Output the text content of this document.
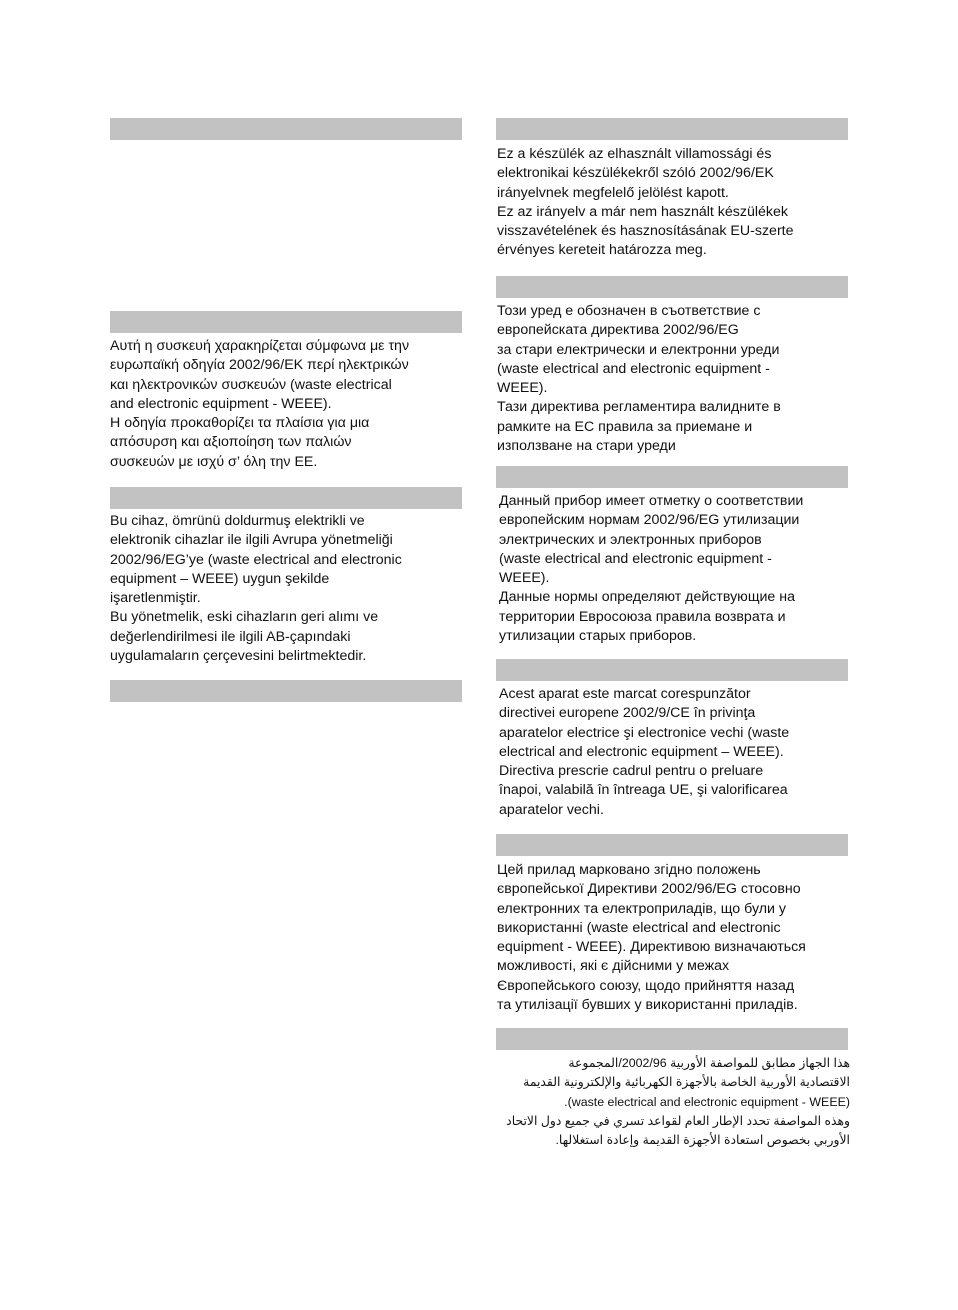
Αυτή η συσκευή χαρακηρίζεται σύμφωνα με την
ευρωπαϊκή οδηγία 2002/96/ΕΚ περί ηλεκτρικών
και ηλεκτρονικών συσκευών (waste electrical
and electronic equipment - WEEE).
Η οδηγία προκαθορίζει τα πλαίσια για μια
απόσυρση και αξιοποίηση των παλιών
συσκευών με ισχύ σ’ όλη την ΕΕ.
Bu cihaz, ömrünü doldurmuş elektrikli ve
elektronik cihazlar ile ilgili Avrupa yönetmeliği
2002/96/EG’ye (waste electrical and electronic
equipment – WEEE) uygun şekilde
işaretlenmiştir.
Bu yönetmelik, eski cihazların geri alımı ve
değerlendirilmesi ile ilgili AB-çapındaki
uygulamaların çerçevesini belirtmektedir.
Ez a készülék az elhasznált villamossági és
elektronikai készülékekről szóló 2002/96/EK
irányelvnek megfelelő jelölést kapott.
Ez az irányelv a már nem használt készülékek
visszavételének és hasznosításának EU-szerte
érvényes kereteit határozza meg.
Този уред е обозначен в съответствие с
европейската директива 2002/96/EG
за стари електрически и електронни уреди
(waste electrical and electronic equipment -
WEEE).
Тази директива регламентира валидните в
рамките на ЕС правила за приемане и
използване на стари уреди
Данный прибор имеет отметку о соответствии
европейским нормам 2002/96/EG утилизации
электрических и электронных приборов
(waste electrical and electronic equipment -
WEEE).
Данные нормы определяют действующие на
территории Евросоюза правила возврата и
утилизации старых приборов.
Acest aparat este marcat corespunzător
directivei europene 2002/9/CE în privinţa
aparatelor electrice şi electronice vechi (waste
electrical and electronic equipment – WEEE).
Directiva prescrie cadrul pentru o preluare
înapoi, valabilă în întreaga UE, şi valorificarea
aparatelor vechi.
Цей прилад марковано згідно положень
європейської Директиви 2002/96/EG стосовно
електронних та електроприладів, що були у
використанні (waste electrical and electronic
equipment - WEEE). Директивою визначаються
можливості, які є дійсними у межах
Європейського союзу, щодо прийняття назад
та утилізації бувших у використанні приладів.
هذا الجهاز مطابق للمواصفة الأوربية 2002/96/المجموعة
الاقتصادية الأوربية الخاصة بالأجهزة الكهربائية والإلكترونية القديمة
(waste electrical and electronic equipment - WEEE).
وهذه المواصفة تحدد الإطار العام لقواعد تسري في جميع دول الاتحاد
الأوربي بخصوص استعادة الأجهزة القديمة وإعادة استغلالها.
